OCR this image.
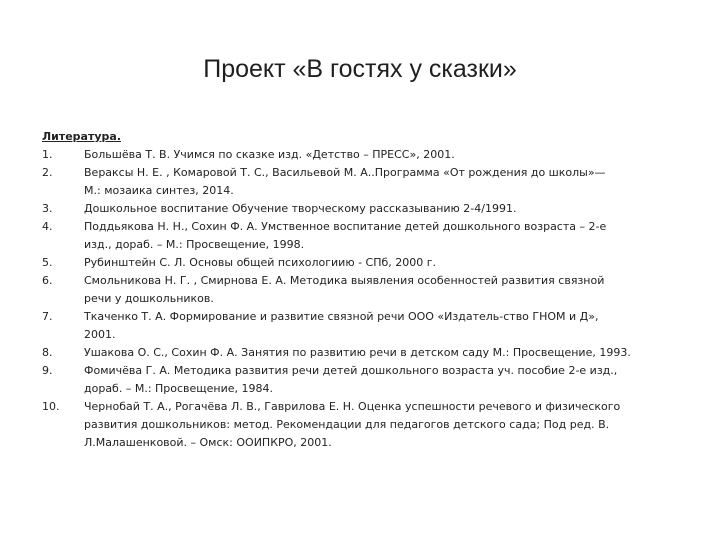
Проект «В гостях у сказки»
Литература.
1.	Большёва Т. В. Учимся по сказке изд. «Детство – ПРЕСС», 2001.
2.	Вераксы Н. Е. , Комаровой Т. С., Васильевой М. А..Программа «От рождения до школы»—
М.: мозаика синтез, 2014.
3.	Дошкольное воспитание Обучение творческому рассказыванию 2-4/1991.
4.	Поддьякова Н. Н., Сохин Ф. А. Умственное воспитание детей дошкольного возраста – 2-е
изд., дораб. – М.: Просвещение, 1998.
5.	Рубинштейн С. Л. Основы общей психологиию - СПб, 2000 г.
6.	Смольникова Н. Г. , Смирнова Е. А. Методика выявления особенностей развития связной
речи у дошкольников.
7.	Ткаченко Т. А. Формирование и развитие связной речи ООО «Издатель-ство ГНОМ и Д»,
2001.
8.	Ушакова О. С., Сохин Ф. А. Занятия по развитию речи в детском саду М.: Просвещение, 1993.
9.	Фомичёва Г. А. Методика развития речи детей дошкольного возраста уч. пособие 2-е изд.,
дораб. – М.: Просвещение, 1984.
10.	Чернобай Т. А., Рогачёва Л. В., Гаврилова Е. Н. Оценка успешности речевого и физического
развития дошкольников: метод. Рекомендации для педагогов детского сада; Под ред. В.
Л.Малашенковой. – Омск: ООИПКРО, 2001.
